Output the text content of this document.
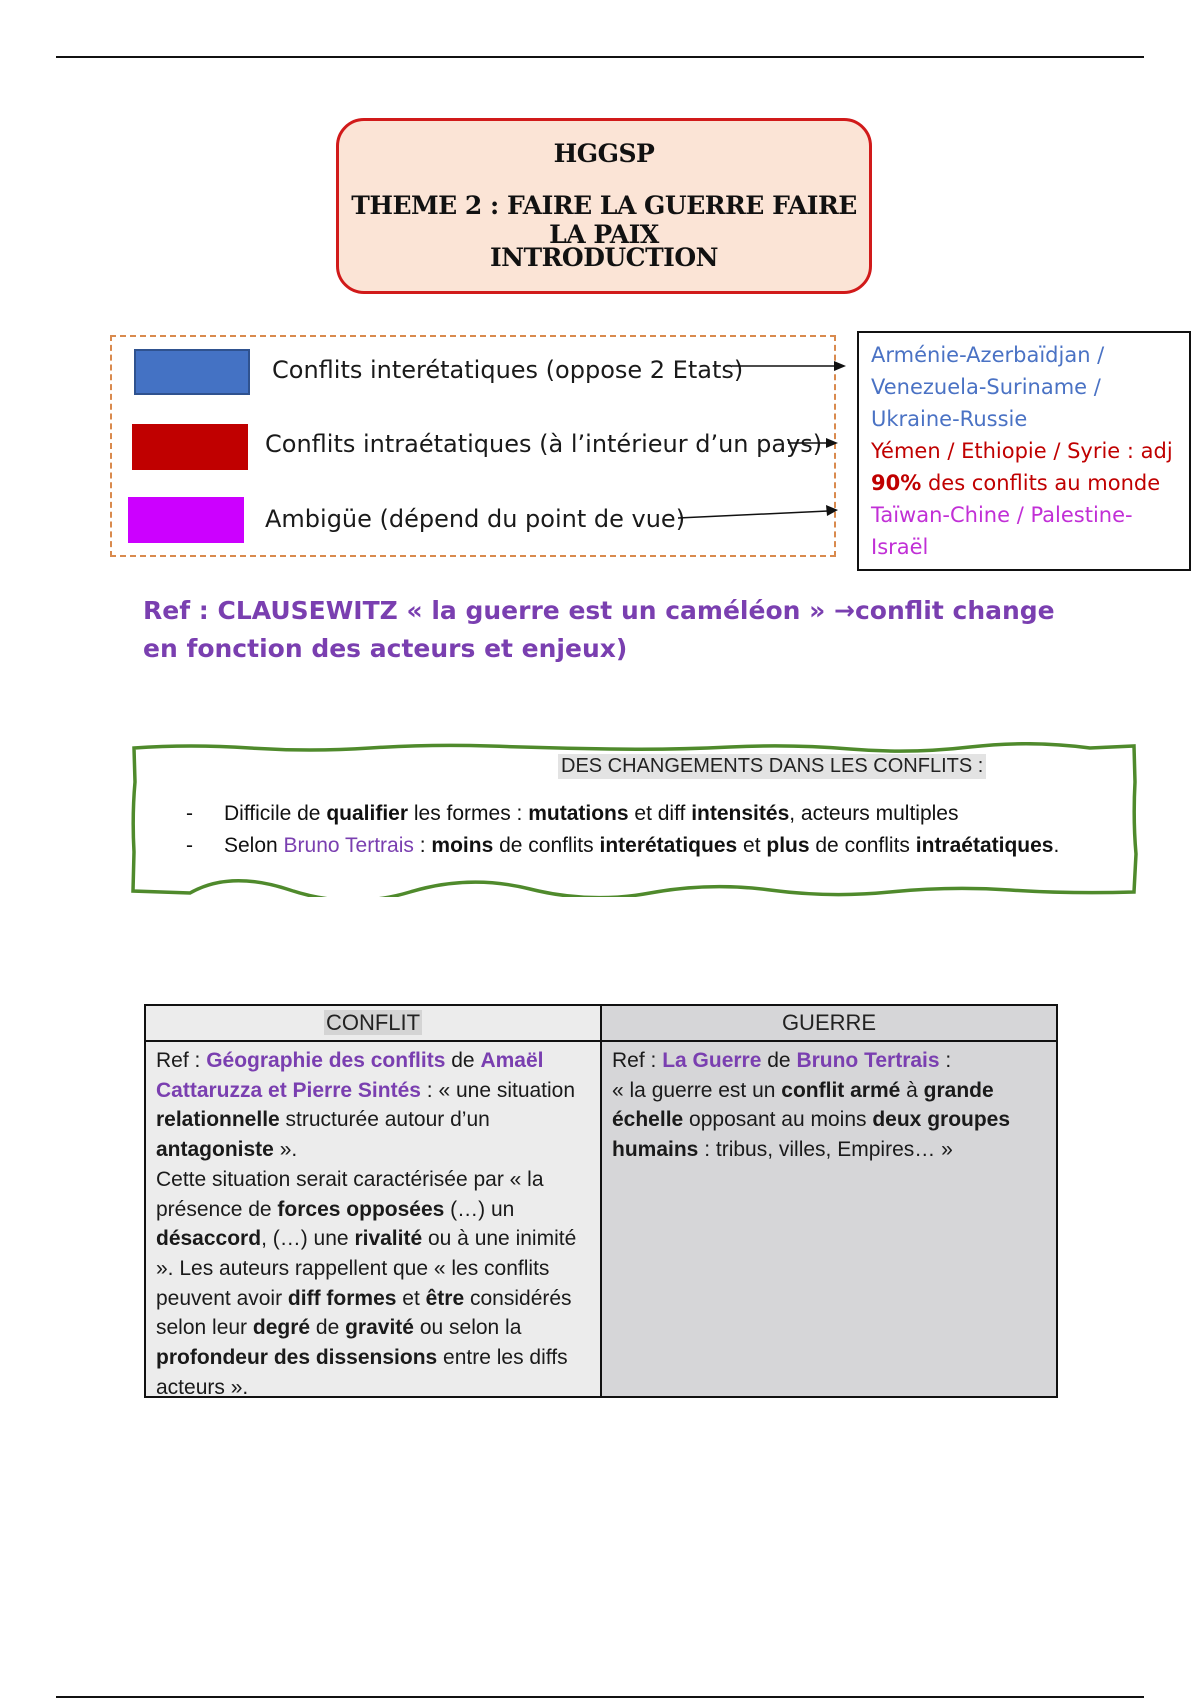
HGGSP
THEME 2 : FAIRE LA GUERRE FAIRE LA PAIX
INTRODUCTION
Conflits interétatiques (oppose 2 Etats)
Conflits intraétatiques (à l’intérieur d’un pays)
Ambigüe (dépend du point de vue)
Arménie-Azerbaïdjan /
Venezuela-Suriname /
Ukraine-Russie
Yémen / Ethiopie / Syrie : adj
90% des conflits au monde
Taïwan-Chine / Palestine-
Israël
Ref : CLAUSEWITZ « la guerre est un caméléon » →conflit change en fonction des acteurs et enjeux)
DES CHANGEMENTS DANS LES CONFLITS :
- Difficile de qualifier les formes : mutations et diff intensités, acteurs multiples
- Selon Bruno Tertrais : moins de conflits interétatiques et plus de conflits intraétatiques.
CONFLIT
Ref : Géographie des conflits de Amaël Cattaruzza et Pierre Sintés : « une situation relationnelle structurée autour d’un antagoniste ».
Cette situation serait caractérisée par « la présence de forces opposées (…) un désaccord, (…) une rivalité ou à une inimité ». Les auteurs rappellent que « les conflits peuvent avoir diff formes et être considérés selon leur degré de gravité ou selon la profondeur des dissensions entre les diffs acteurs ».
GUERRE
Ref : La Guerre de Bruno Tertrais :
« la guerre est un conflit armé à grande échelle opposant au moins deux groupes humains : tribus, villes, Empires… »
